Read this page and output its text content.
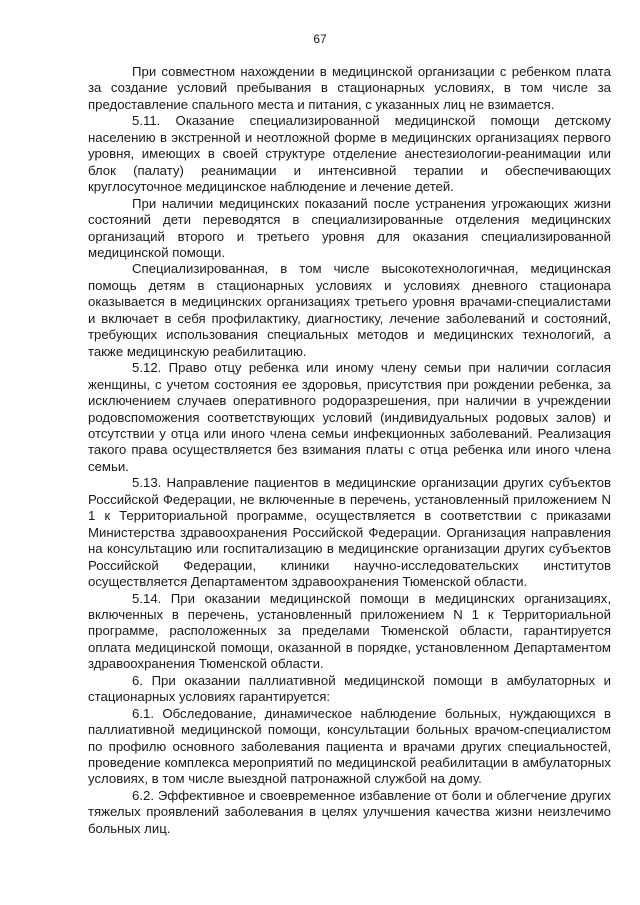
67

При совместном нахождении в медицинской организации с ребенком плата за создание условий пребывания в стационарных условиях, в том числе за предоставление спального места и питания, с указанных лиц не взимается.

5.11. Оказание специализированной медицинской помощи детскому населению в экстренной и неотложной форме в медицинских организациях первого уровня, имеющих в своей структуре отделение анестезиологии-реанимации или блок (палату) реанимации и интенсивной терапии и обеспечивающих круглосуточное медицинское наблюдение и лечение детей.

При наличии медицинских показаний после устранения угрожающих жизни состояний дети переводятся в специализированные отделения медицинских организаций второго и третьего уровня для оказания специализированной медицинской помощи.

Специализированная, в том числе высокотехнологичная, медицинская помощь детям в стационарных условиях и условиях дневного стационара оказывается в медицинских организациях третьего уровня врачами-специалистами и включает в себя профилактику, диагностику, лечение заболеваний и состояний, требующих использования специальных методов и медицинских технологий, а также медицинскую реабилитацию.

5.12. Право отцу ребенка или иному члену семьи при наличии согласия женщины, с учетом состояния ее здоровья, присутствия при рождении ребенка, за исключением случаев оперативного родоразрешения, при наличии в учреждении родовспоможения соответствующих условий (индивидуальных родовых залов) и отсутствии у отца или иного члена семьи инфекционных заболеваний. Реализация такого права осуществляется без взимания платы с отца ребенка или иного члена семьи.

5.13. Направление пациентов в медицинские организации других субъектов Российской Федерации, не включенные в перечень, установленный приложением N 1 к Территориальной программе, осуществляется в соответствии с приказами Министерства здравоохранения Российской Федерации. Организация направления на консультацию или госпитализацию в медицинские организации других субъектов Российской Федерации, клиники научно-исследовательских институтов осуществляется Департаментом здравоохранения Тюменской области.

5.14. При оказании медицинской помощи в медицинских организациях, включенных в перечень, установленный приложением N 1 к Территориальной программе, расположенных за пределами Тюменской области, гарантируется оплата медицинской помощи, оказанной в порядке, установленном Департаментом здравоохранения Тюменской области.

6. При оказании паллиативной медицинской помощи в амбулаторных и стационарных условиях гарантируется:

6.1. Обследование, динамическое наблюдение больных, нуждающихся в паллиативной медицинской помощи, консультации больных врачом-специалистом по профилю основного заболевания пациента и врачами других специальностей, проведение комплекса мероприятий по медицинской реабилитации в амбулаторных условиях, в том числе выездной патронажной службой на дому.

6.2. Эффективное и своевременное избавление от боли и облегчение других тяжелых проявлений заболевания в целях улучшения качества жизни неизлечимо больных лиц.
